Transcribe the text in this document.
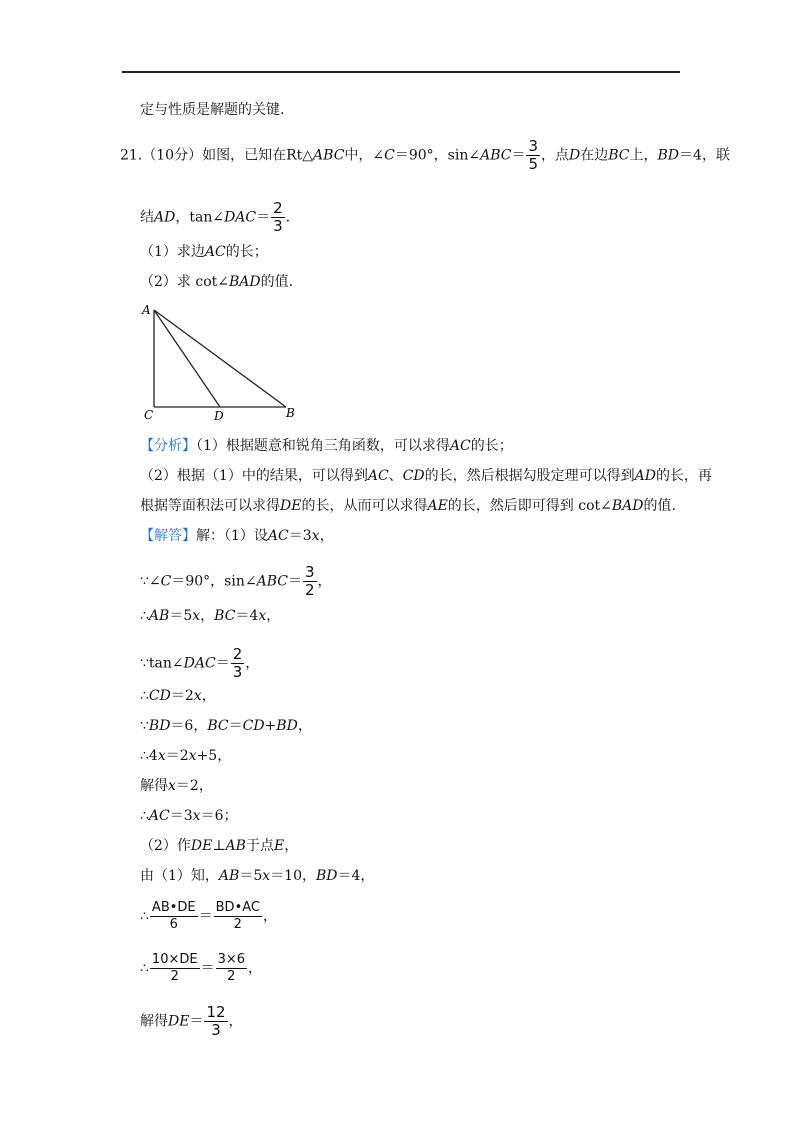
定与性质是解题的关键.
21.（10分）如图，已知在Rt△ABC中，∠C＝90°，sin∠ABC＝ $\frac{3}{5}$ ，点D在边BC上，BD＝4，联
结AD，tan∠DAC＝ $\frac{2}{3}$ .
（1）求边AC的长；
（2）求 cot∠BAD的值.
A
C	D	B
【分析】（1）根据题意和锐角三角函数，可以求得AC的长；
（2）根据（1）中的结果，可以得到AC、CD的长，然后根据勾股定理可以得到AD的长，再
根据等面积法可以求得DE的长，从而可以求得AE的长，然后即可得到 cot∠BAD的值.
【解答】解：（1）设AC＝3x，
∵∠C＝90°，sin∠ABC＝ $\frac{3}{2}$ ，
∴AB＝5x，BC＝4x，
∵tan∠DAC＝ $\frac{2}{3}$ ，
∴CD＝2x，
∵BD＝6，BC＝CD+BD，
∴4x＝2x+5，
解得x＝2，
∴AC＝3x＝6；
（2）作DE⊥AB于点E，
由（1）知，AB＝5x＝10，BD＝4，
∴ $\frac{AB•DE}{6} = \frac{BD•AC}{2}$ ，
∴ $\frac{10\times DE}{2} = \frac{3\times 6}{2}$ ，
解得$DE= \frac{12}{3}$ ，
